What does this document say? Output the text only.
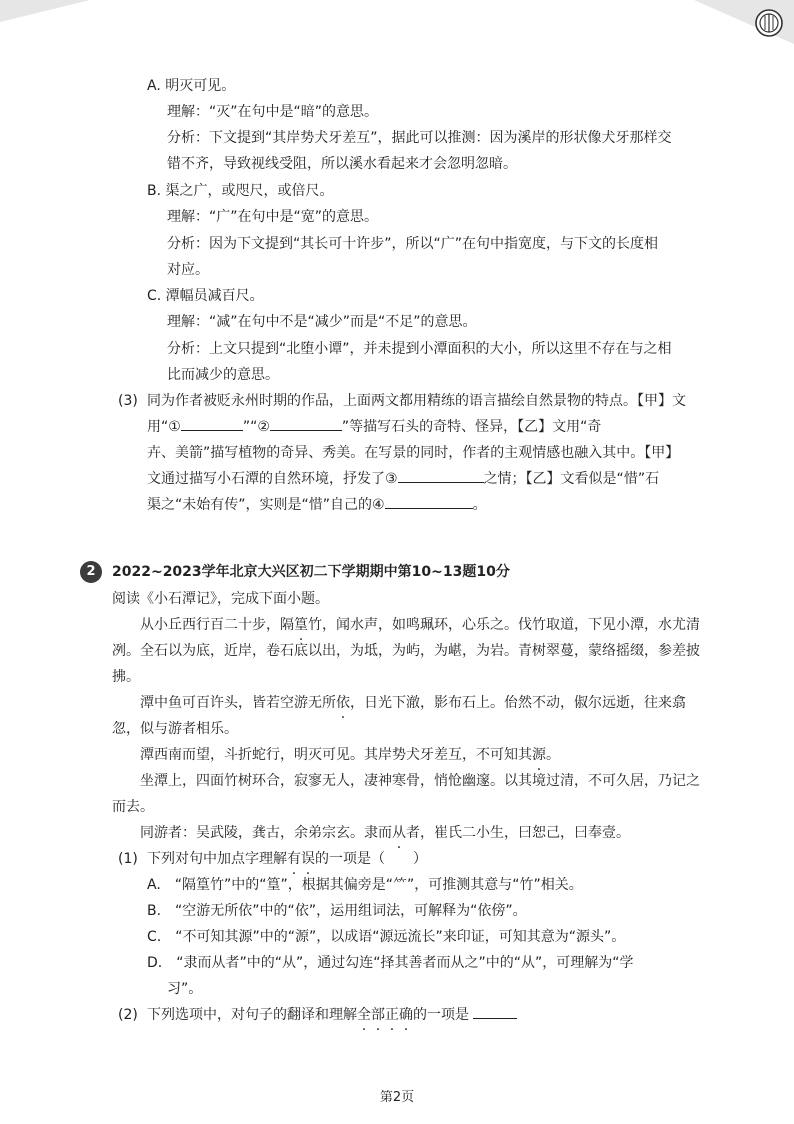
A. 明灭可见。
理解：“灭”在句中是“暗”的意思。
分析：下文提到“其岸势犬牙差互”，据此可以推测：因为溪岸的形状像犬牙那样交
错不齐，导致视线受阻，所以溪水看起来才会忽明忽暗。
B. 渠之广，或咫尺，或倍尺。
理解：“广”在句中是“宽”的意思。
分析：因为下文提到“其长可十许步”，所以“广”在句中指宽度，与下文的长度相
对应。
C. 潭幅员减百尺。
理解：“减”在句中不是“减少”而是“不足”的意思。
分析：上文只提到“北堕小谭”，并未提到小潭面积的大小，所以这里不存在与之相
比而减少的意思。
(3) 同为作者被贬永州时期的作品，上面两文都用精练的语言描绘自然景物的特点。【甲】文
用“①	”“②	”等描写石头的奇特、怪异，【乙】文用“奇
卉、美箭”描写植物的奇异、秀美。在写景的同时，作者的主观情感也融入其中。【甲】
文通过描写小石潭的自然环境，抒发了③	之情；【乙】文看似是“惜”石
渠之“未始有传”，实则是“惜”自己的④	。
2	2022~2023学年北京大兴区初二下学期期中第10~13题10分
阅读《小石潭记》，完成下面小题。
从小丘西行百二十步，隔篁竹，闻水声，如鸣珮环，心乐之。伐竹取道，下见小潭，水尤清
冽。全石以为底，近岸，卷石底以出，为坻，为屿，为嵁，为岩。青树翠蔓，蒙络摇缀，参差披
拂。
潭中鱼可百许头，皆若空游无所依，日光下澈，影布石上。佁然不动，俶尔远逝，往来翕
忽，似与游者相乐。
潭西南而望，斗折蛇行，明灭可见。其岸势犬牙差互，不可知其源。
坐潭上，四面竹树环合，寂寥无人，凄神寒骨，悄怆幽邃。以其境过清，不可久居，乃记之
而去。
同游者：吴武陵，龚古，余弟宗玄。隶而从者，崔氏二小生，曰恕己，曰奉壹。
(1) 下列对句中加点字理解有误的一项是（　　）
A.　“隔篁竹”中的“篁”，根据其偏旁是“⺮”，可推测其意与“竹”相关。
B.　“空游无所依”中的“依”，运用组词法，可解释为“依傍”。
C.　“不可知其源”中的“源”，以成语“源远流长”来印证，可知其意为“源头”。
D.　“隶而从者”中的“从”，通过勾连“择其善者而从之”中的“从”，可理解为“学
习”。
(2) 下列选项中，对句子的翻译和理解全部正确的一项是
第2页
